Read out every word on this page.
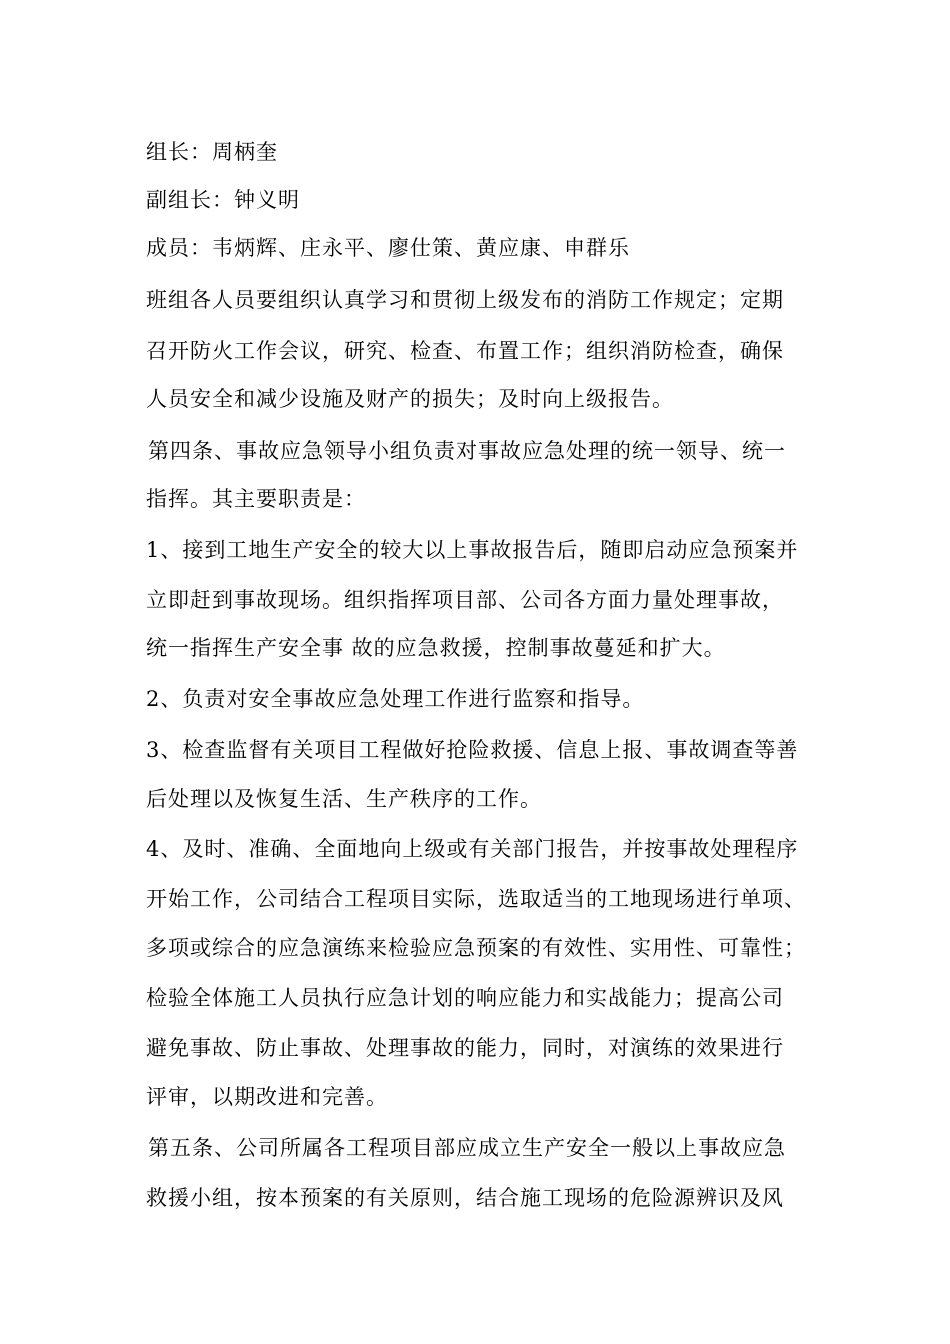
组长：周柄奎
副组长：钟义明
成员：韦炳辉、庄永平、廖仕策、黄应康、申群乐
班组各人员要组织认真学习和贯彻上级发布的消防工作规定；定期
召开防火工作会议，研究、检查、布置工作；组织消防检查，确保
人员安全和减少设施及财产的损失；及时向上级报告。
第四条、事故应急领导小组负责对事故应急处理的统一领导、统一
指挥。其主要职责是：
1、接到工地生产安全的较大以上事故报告后，随即启动应急预案并
立即赶到事故现场。组织指挥项目部、公司各方面力量处理事故，
统一指挥生产安全事 故的应急救援，控制事故蔓延和扩大。
2、负责对安全事故应急处理工作进行监察和指导。
3、检查监督有关项目工程做好抢险救援、信息上报、事故调查等善
后处理以及恢复生活、生产秩序的工作。
4、及时、准确、全面地向上级或有关部门报告，并按事故处理程序
开始工作，公司结合工程项目实际，选取适当的工地现场进行单项、
多项或综合的应急演练来检验应急预案的有效性、实用性、可靠性；
检验全体施工人员执行应急计划的响应能力和实战能力；提高公司
避免事故、防止事故、处理事故的能力，同时，对演练的效果进行
评审，以期改进和完善。
第五条、公司所属各工程项目部应成立生产安全一般以上事故应急
救援小组，按本预案的有关原则，结合施工现场的危险源辨识及风
